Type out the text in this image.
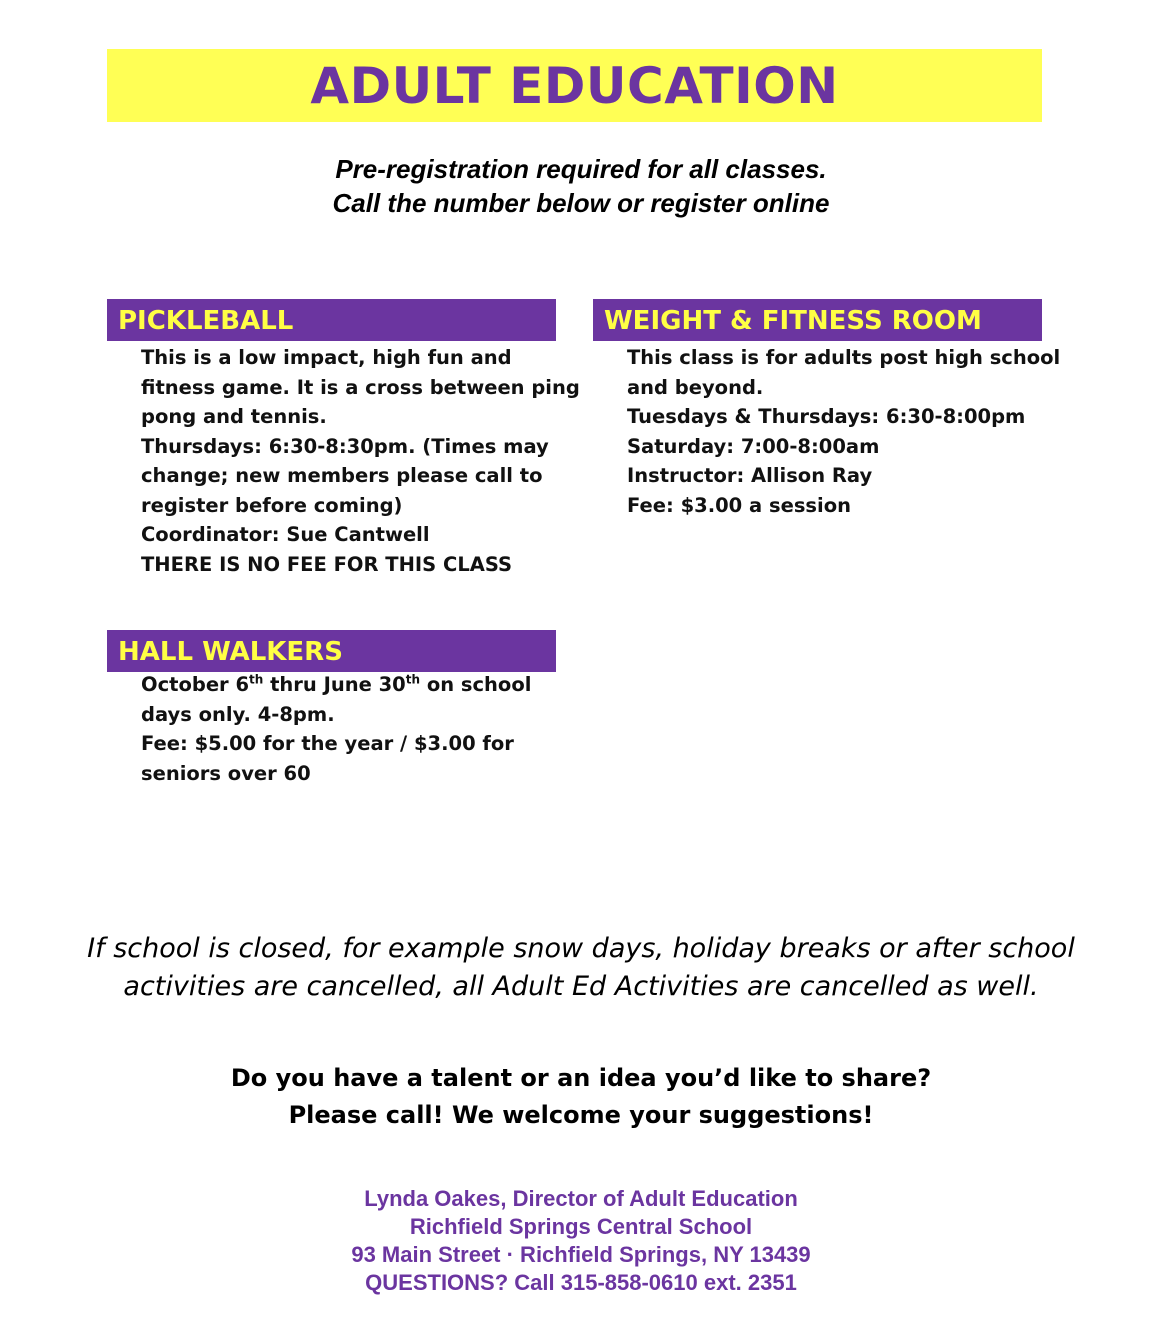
ADULT EDUCATION
Pre-registration required for all classes.
Call the number below or register online
PICKLEBALL
This is a low impact, high fun and
fitness game. It is a cross between ping
pong and tennis.
Thursdays: 6:30-8:30pm. (Times may
change; new members please call to
register before coming)
Coordinator: Sue Cantwell
THERE IS NO FEE FOR THIS CLASS
WEIGHT & FITNESS ROOM
This class is for adults post high school
and beyond.
Tuesdays & Thursdays: 6:30-8:00pm
Saturday: 7:00-8:00am
Instructor: Allison Ray
Fee: $3.00 a session
HALL WALKERS
October 6th thru June 30th on school
days only. 4-8pm.
Fee: $5.00 for the year / $3.00 for
seniors over 60
If school is closed, for example snow days, holiday breaks or after school
activities are cancelled, all Adult Ed Activities are cancelled as well.
Do you have a talent or an idea you’d like to share?
Please call! We welcome your suggestions!
Lynda Oakes, Director of Adult Education
Richfield Springs Central School
93 Main Street · Richfield Springs, NY 13439
QUESTIONS? Call 315-858-0610 ext. 2351
